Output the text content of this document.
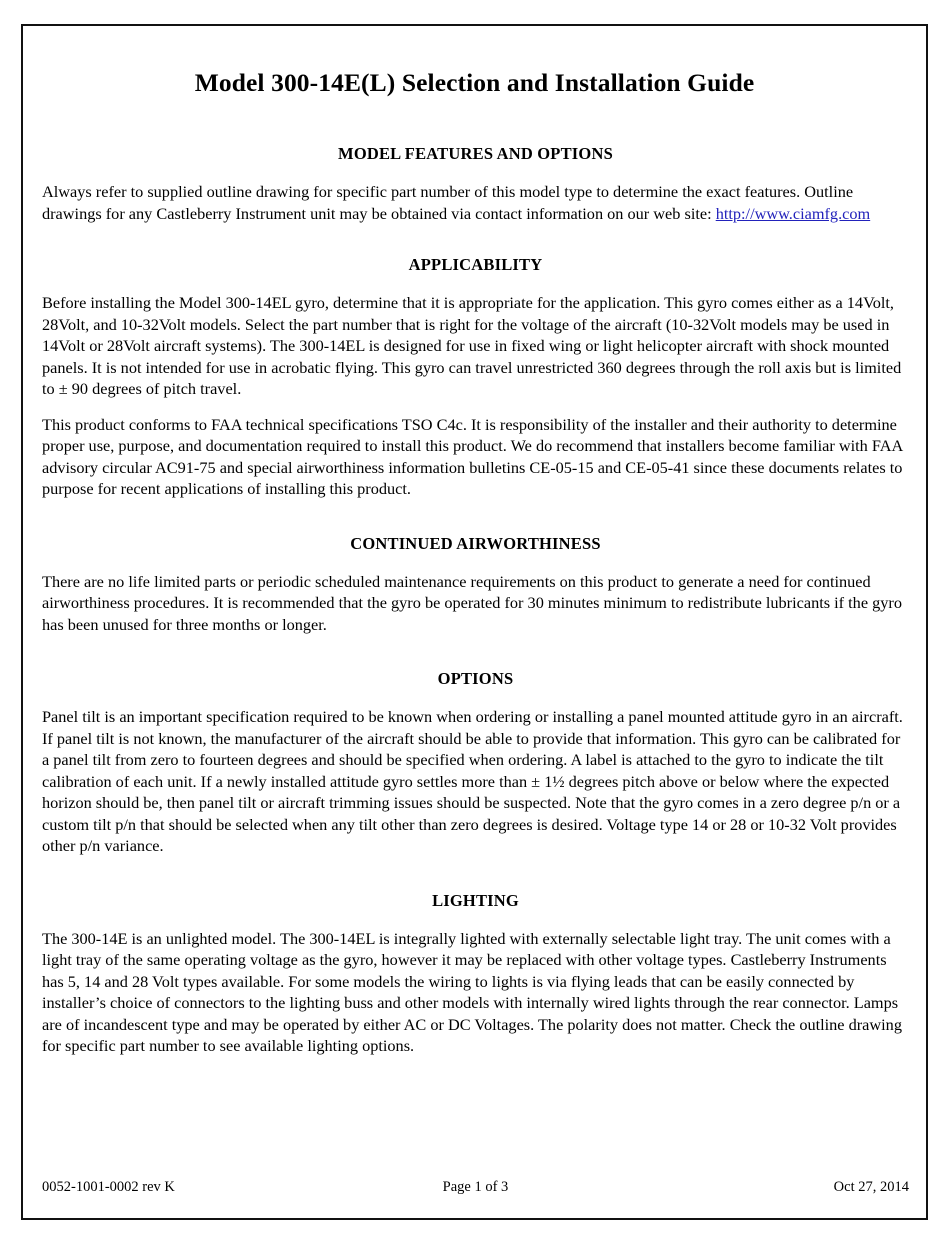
Model 300-14E(L) Selection and Installation Guide
MODEL FEATURES AND OPTIONS

Always refer to supplied outline drawing for specific part number of this model type to determine the exact features. Outline drawings for any Castleberry Instrument unit may be obtained via contact information on our web site: http://www.ciamfg.com

APPLICABILITY

Before installing the Model 300-14EL gyro, determine that it is appropriate for the application. This gyro comes either as a 14Volt, 28Volt, and 10-32Volt models. Select the part number that is right for the voltage of the aircraft (10-32Volt models may be used in 14Volt or 28Volt aircraft systems). The 300-14EL is designed for use in fixed wing or light helicopter aircraft with shock mounted panels. It is not intended for use in acrobatic flying. This gyro can travel unrestricted 360 degrees through the roll axis but is limited to ± 90 degrees of pitch travel.

This product conforms to FAA technical specifications TSO C4c. It is responsibility of the installer and their authority to determine proper use, purpose, and documentation required to install this product. We do recommend that installers become familiar with FAA advisory circular AC91-75 and special airworthiness information bulletins CE-05-15 and CE-05-41 since these documents relates to purpose for recent applications of installing this product.

CONTINUED AIRWORTHINESS

There are no life limited parts or periodic scheduled maintenance requirements on this product to generate a need for continued airworthiness procedures. It is recommended that the gyro be operated for 30 minutes minimum to redistribute lubricants if the gyro has been unused for three months or longer.

OPTIONS

Panel tilt is an important specification required to be known when ordering or installing a panel mounted attitude gyro in an aircraft. If panel tilt is not known, the manufacturer of the aircraft should be able to provide that information. This gyro can be calibrated for a panel tilt from zero to fourteen degrees and should be specified when ordering. A label is attached to the gyro to indicate the tilt calibration of each unit. If a newly installed attitude gyro settles more than ± 1½ degrees pitch above or below where the expected horizon should be, then panel tilt or aircraft trimming issues should be suspected. Note that the gyro comes in a zero degree p/n or a custom tilt p/n that should be selected when any tilt other than zero degrees is desired. Voltage type 14 or 28 or 10-32 Volt provides other p/n variance.

LIGHTING

The 300-14E is an unlighted model. The 300-14EL is integrally lighted with externally selectable light tray. The unit comes with a light tray of the same operating voltage as the gyro, however it may be replaced with other voltage types. Castleberry Instruments has 5, 14 and 28 Volt types available. For some models the wiring to lights is via flying leads that can be easily connected by installer’s choice of connectors to the lighting buss and other models with internally wired lights through the rear connector. Lamps are of incandescent type and may be operated by either AC or DC Voltages. The polarity does not matter. Check the outline drawing for specific part number to see available lighting options.

0052-1001-0002 rev K	Page 1 of 3	Oct 27, 2014
